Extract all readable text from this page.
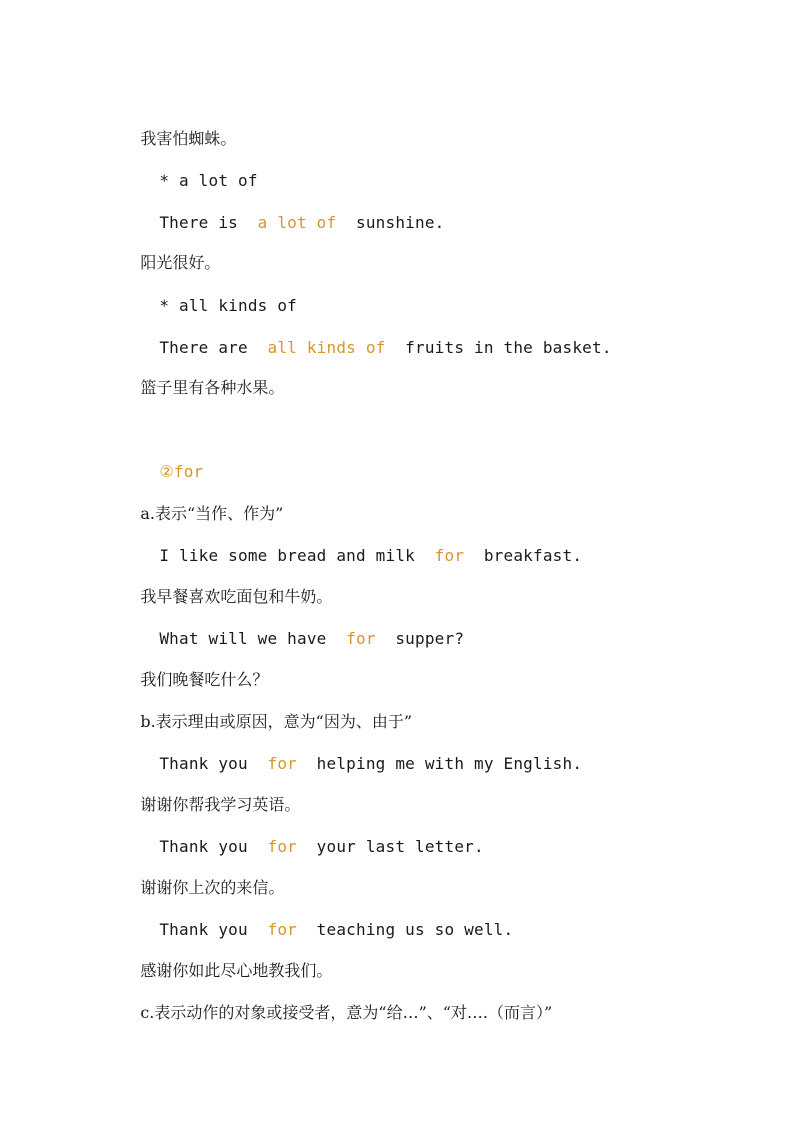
我害怕蜘蛛。

* a lot of

There is  a lot of  sunshine.

阳光很好。

* all kinds of

There are  all kinds of  fruits in the basket.

篮子里有各种水果。

②for

a.表示“当作、作为”

I like some bread and milk  for  breakfast.

我早餐喜欢吃面包和牛奶。

What will we have  for  supper?

我们晚餐吃什么？

b.表示理由或原因，意为“因为、由于”

Thank you  for  helping me with my English.

谢谢你帮我学习英语。

Thank you  for  your last letter.

谢谢你上次的来信。

Thank you  for  teaching us so well.

感谢你如此尽心地教我们。

c.表示动作的对象或接受者，意为“给…”、“对….（而言）”
